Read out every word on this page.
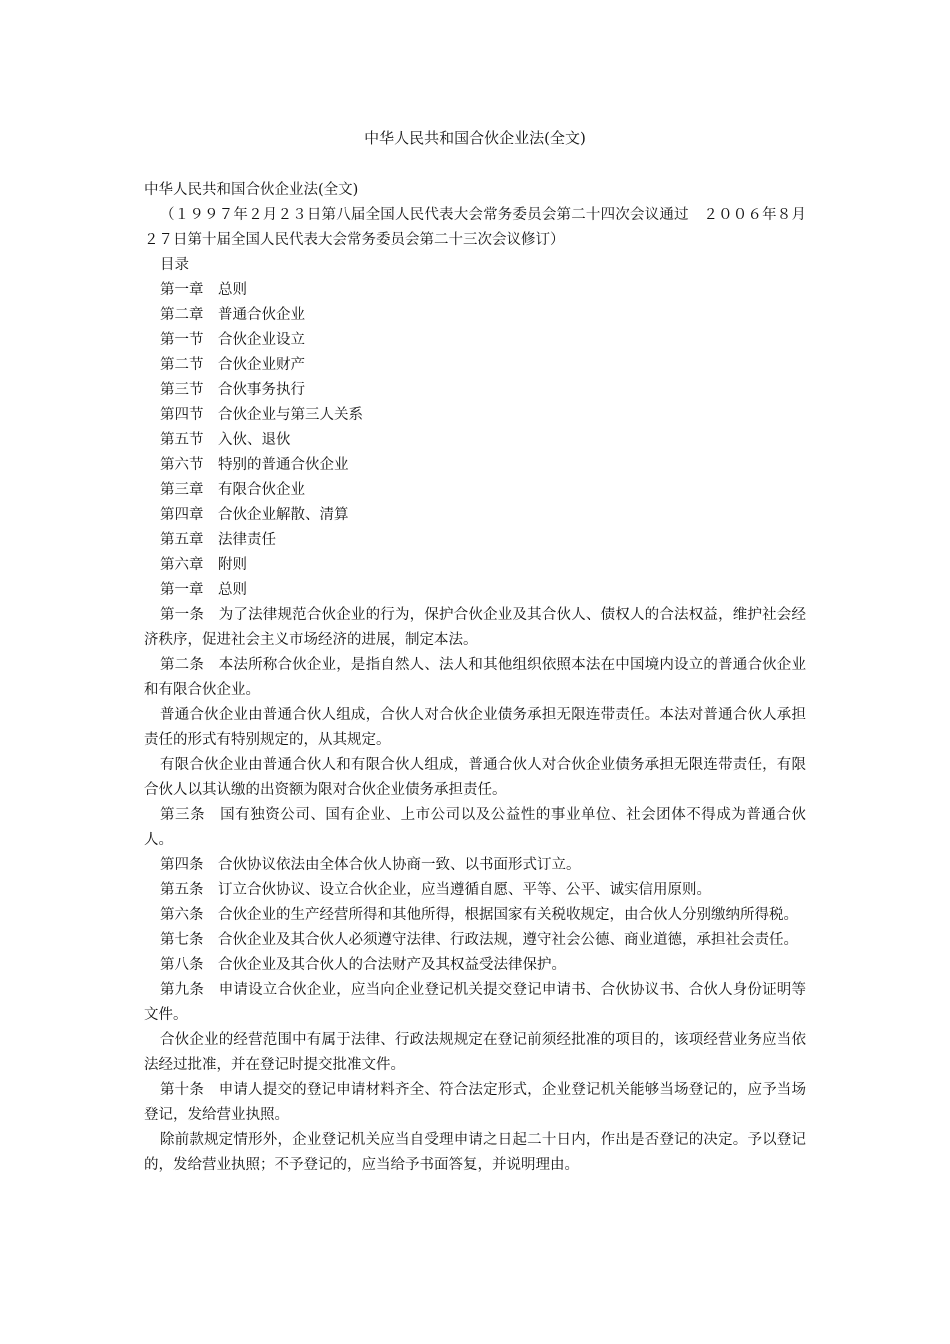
中华人民共和国合伙企业法(全文)

中华人民共和国合伙企业法(全文)

（１９９７年２月２３日第八届全国人民代表大会常务委员会第二十四次会议通过　２００６年８月２７日第十届全国人民代表大会常务委员会第二十三次会议修订）

目录

第一章　总则

第二章　普通合伙企业

第一节　合伙企业设立

第二节　合伙企业财产

第三节　合伙事务执行

第四节　合伙企业与第三人关系

第五节　入伙、退伙

第六节　特别的普通合伙企业

第三章　有限合伙企业

第四章　合伙企业解散、清算

第五章　法律责任

第六章　附则

第一章　总则

第一条　为了法律规范合伙企业的行为，保护合伙企业及其合伙人、债权人的合法权益，维护社会经济秩序，促进社会主义市场经济的进展，制定本法。

第二条　本法所称合伙企业，是指自然人、法人和其他组织依照本法在中国境内设立的普通合伙企业和有限合伙企业。

普通合伙企业由普通合伙人组成，合伙人对合伙企业债务承担无限连带责任。本法对普通合伙人承担责任的形式有特别规定的，从其规定。

有限合伙企业由普通合伙人和有限合伙人组成，普通合伙人对合伙企业债务承担无限连带责任，有限合伙人以其认缴的出资额为限对合伙企业债务承担责任。

第三条　国有独资公司、国有企业、上市公司以及公益性的事业单位、社会团体不得成为普通合伙人。

第四条　合伙协议依法由全体合伙人协商一致、以书面形式订立。

第五条　订立合伙协议、设立合伙企业，应当遵循自愿、平等、公平、诚实信用原则。

第六条　合伙企业的生产经营所得和其他所得，根据国家有关税收规定，由合伙人分别缴纳所得税。

第七条　合伙企业及其合伙人必须遵守法律、行政法规，遵守社会公德、商业道德，承担社会责任。

第八条　合伙企业及其合伙人的合法财产及其权益受法律保护。

第九条　申请设立合伙企业，应当向企业登记机关提交登记申请书、合伙协议书、合伙人身份证明等文件。

合伙企业的经营范围中有属于法律、行政法规规定在登记前须经批准的项目的，该项经营业务应当依法经过批准，并在登记时提交批准文件。

第十条　申请人提交的登记申请材料齐全、符合法定形式，企业登记机关能够当场登记的，应予当场登记，发给营业执照。

除前款规定情形外，企业登记机关应当自受理申请之日起二十日内，作出是否登记的决定。予以登记的，发给营业执照；不予登记的，应当给予书面答复，并说明理由。
